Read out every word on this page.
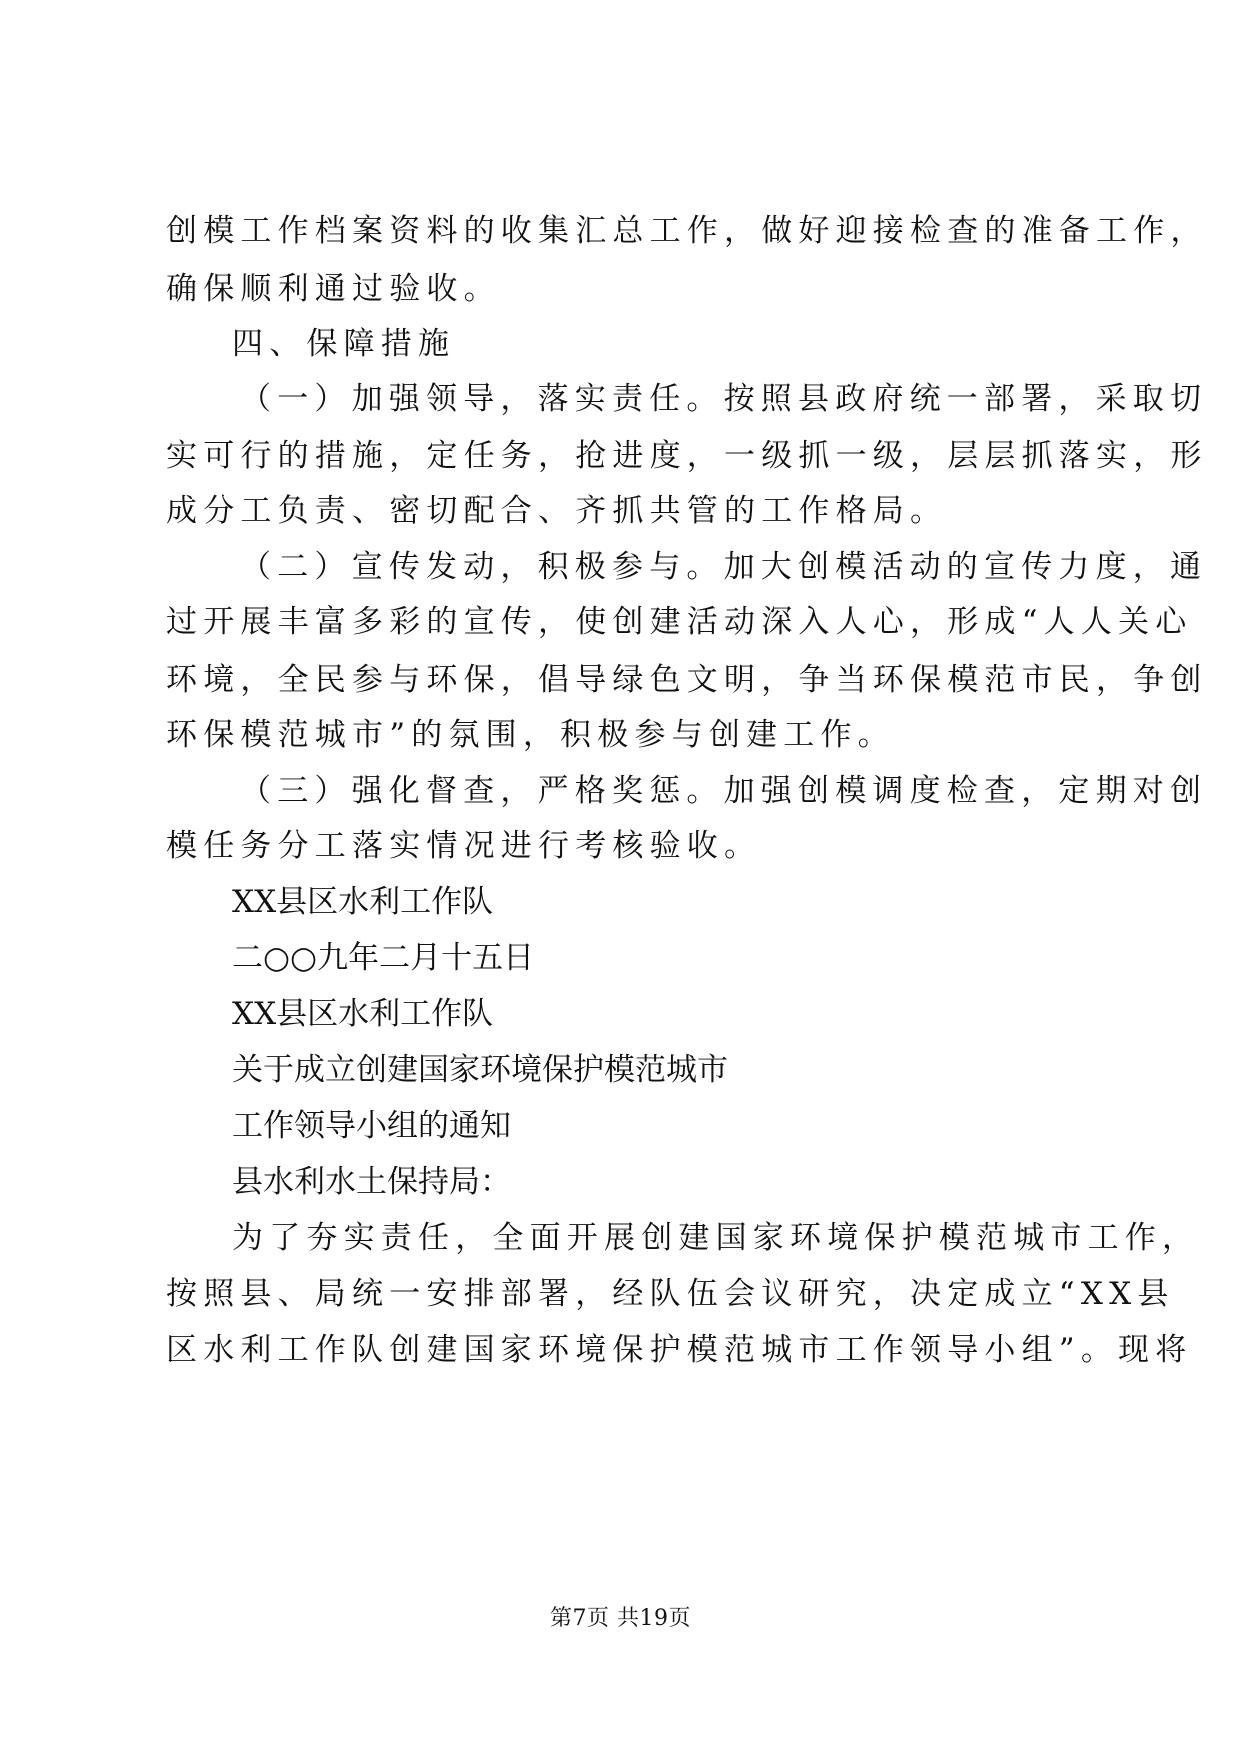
创模工作档案资料的收集汇总工作，做好迎接检查的准备工作，
确保顺利通过验收。
四、保障措施
（一）加强领导，落实责任。按照县政府统一部署，采取切
实可行的措施，定任务，抢进度，一级抓一级，层层抓落实，形
成分工负责、密切配合、齐抓共管的工作格局。
（二）宣传发动，积极参与。加大创模活动的宣传力度，通
过开展丰富多彩的宣传，使创建活动深入人心，形成“人人关心
环境，全民参与环保，倡导绿色文明，争当环保模范市民，争创
环保模范城市”的氛围，积极参与创建工作。
（三）强化督查，严格奖惩。加强创模调度检查，定期对创
模任务分工落实情况进行考核验收。
XX县区水利工作队
二○○九年二月十五日
XX县区水利工作队
关于成立创建国家环境保护模范城市
工作领导小组的通知
县水利水土保持局：
为了夯实责任，全面开展创建国家环境保护模范城市工作，
按照县、局统一安排部署，经队伍会议研究，决定成立“XX县
区水利工作队创建国家环境保护模范城市工作领导小组”。现将
第7页 共19页
